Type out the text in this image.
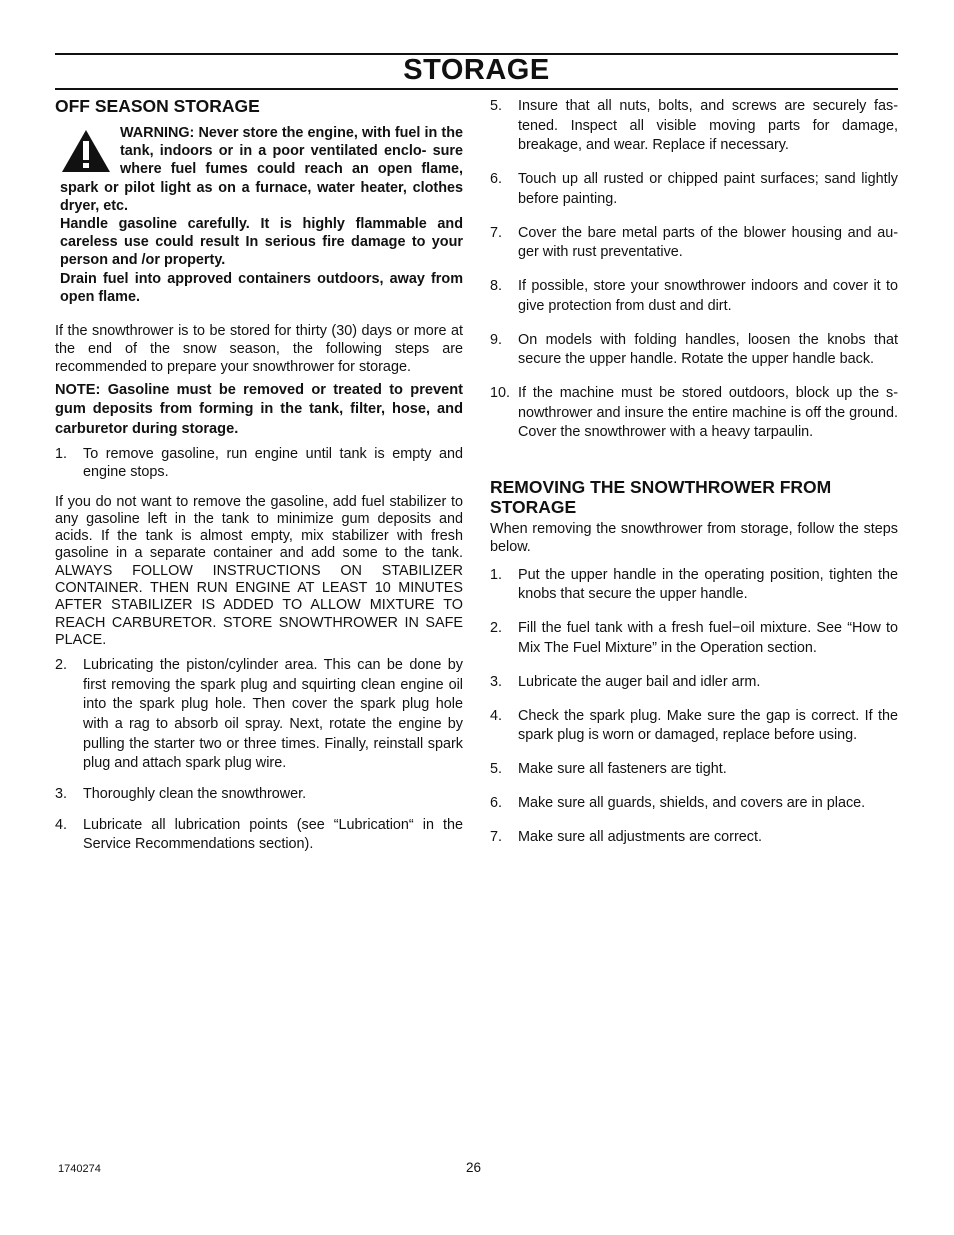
STORAGE
OFF SEASON STORAGE

WARNING: Never store the engine, with fuel in the tank, indoors or in a poor ventilated enclo- sure where fuel fumes could reach an open flame, spark or pilot light as on a furnace, water heater, clothes dryer, etc.

Handle gasoline carefully. It is highly flammable and careless use could result In serious fire damage to your person and /or property.

Drain fuel into approved containers outdoors, away from open flame.

If the snowthrower is to be stored for thirty (30) days or more at the end of the snow season, the following steps are recommended to prepare your snowthrower for storage.

NOTE: Gasoline must be removed or treated to prevent gum deposits from forming in the tank, filter, hose, and carburetor during storage.

1. To remove gasoline, run engine until tank is empty and engine stops.

If you do not want to remove the gasoline, add fuel stabilizer to any gasoline left in the tank to minimize gum deposits and acids. If the tank is almost empty, mix stabilizer with fresh gasoline in a separate container and add some to the tank. ALWAYS FOLLOW INSTRUCTIONS ON STABILIZER CONTAINER. THEN RUN ENGINE AT LEAST 10 MINUTES AFTER STABILIZER IS ADDED TO ALLOW MIXTURE TO REACH CARBURETOR. STORE SNOWTHROWER IN SAFE PLACE.

2. Lubricating the piston/cylinder area. This can be done by first removing the spark plug and squirting clean engine oil into the spark plug hole. Then cover the spark plug hole with a rag to absorb oil spray. Next, rotate the engine by pulling the starter two or three times. Finally, reinstall spark plug and attach spark plug wire.
3. Thoroughly clean the snowthrower.
4. Lubricate all lubrication points (see “Lubrication“ in the Service Recommendations section).
5. Insure that all nuts, bolts, and screws are securely fas- tened. Inspect all visible moving parts for damage, breakage, and wear. Replace if necessary.
6. Touch up all rusted or chipped paint surfaces; sand lightly before painting.
7. Cover the bare metal parts of the blower housing and au- ger with rust preventative.
8. If possible, store your snowthrower indoors and cover it to give protection from dust and dirt.
9. On models with folding handles, loosen the knobs that secure the upper handle. Rotate the upper handle back.
10. If the machine must be stored outdoors, block up the s- nowthrower and insure the entire machine is off the ground. Cover the snowthrower with a heavy tarpaulin.
REMOVING THE SNOWTHROWER FROM STORAGE

When removing the snowthrower from storage, follow the steps below.

1. Put the upper handle in the operating position, tighten the knobs that secure the upper handle.
2. Fill the fuel tank with a fresh fuel−oil mixture. See “How to Mix The Fuel Mixture” in the Operation section.
3. Lubricate the auger bail and idler arm.
4. Check the spark plug. Make sure the gap is correct. If the spark plug is worn or damaged, replace before using.
5. Make sure all fasteners are tight.
6. Make sure all guards, shields, and covers are in place.
7. Make sure all adjustments are correct.
1740274	26
